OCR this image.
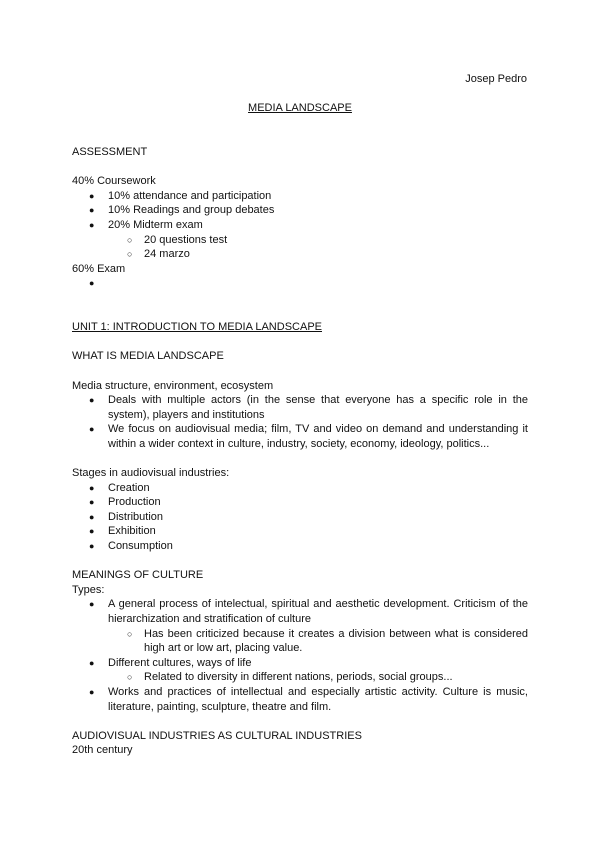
Josep Pedro
MEDIA LANDSCAPE
ASSESSMENT
40% Coursework
● 10% attendance and participation
● 10% Readings and group debates
● 20% Midterm exam
○ 20 questions test
○ 24 marzo
60% Exam
●
UNIT 1: INTRODUCTION TO MEDIA LANDSCAPE
WHAT IS MEDIA LANDSCAPE
Media structure, environment, ecosystem
● Deals with multiple actors (in the sense that everyone has a specific role in the system), players and institutions
● We focus on audiovisual media; film, TV and video on demand and understanding it within a wider context in culture, industry, society, economy, ideology, politics...
Stages in audiovisual industries:
● Creation
● Production
● Distribution
● Exhibition
● Consumption
MEANINGS OF CULTURE
Types:
● A general process of intelectual, spiritual and aesthetic development. Criticism of the hierarchization and stratification of culture
○ Has been criticized because it creates a division between what is considered high art or low art, placing value.
● Different cultures, ways of life
○ Related to diversity in different nations, periods, social groups...
● Works and practices of intellectual and especially artistic activity. Culture is music, literature, painting, sculpture, theatre and film.
AUDIOVISUAL INDUSTRIES AS CULTURAL INDUSTRIES
20th century
